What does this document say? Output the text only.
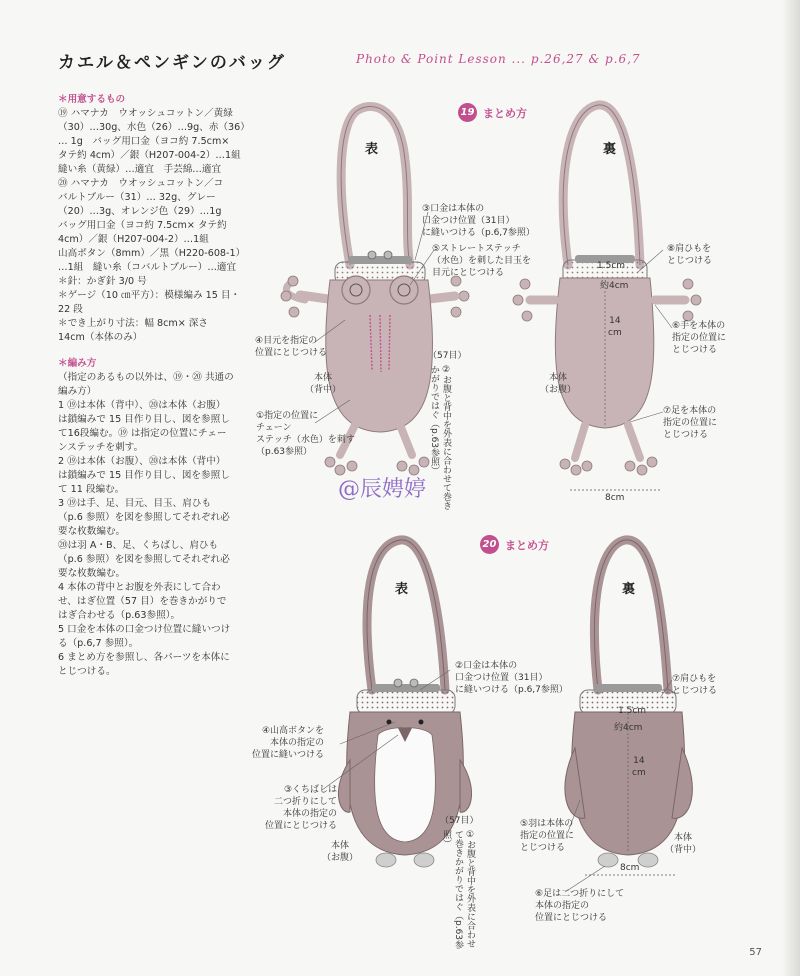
カエル＆ペンギンのバッグ	Photo & Point Lesson ... p.26,27 & p.6,7
＊用意するもの
⑲ ハマナカ　ウオッシュコットン／黄緑
（30）…30g、水色（26）…9g、赤（36）
… 1g　バッグ用口金（ヨコ約 7.5cm×
タテ約 4cm）／銀（H207-004-2）…1組
縫い糸（黄緑）…適宜　手芸綿…適宜
⑳ ハマナカ　ウオッシュコットン／コ
バルトブルー（31）… 32g、グレー
（20）…3g、オレンジ色（29）…1g
バッグ用口金（ヨコ約 7.5cm× タテ約
4cm）／銀（H207-004-2）…1組
山高ボタン（8mm）／黒（H220-608-1）
…1組　縫い糸（コバルトブルー）…適宜
＊針：かぎ針 3/0 号
＊ゲージ（10 ㎝平方）：模様編み 15 目・
22 段
＊でき上がり寸法：幅 8cm× 深さ
14cm（本体のみ）
＊編み方
（指定のあるもの以外は、⑲・⑳ 共通の
編み方）
1 ⑲は本体（背中）、⑳は本体（お腹）
は鎖編みで 15 目作り目し、図を参照し
て16段編む。⑲ は指定の位置にチェー
ンステッチを刺す。
2 ⑲は本体（お腹）、⑳は本体（背中）
は鎖編みで 15 目作り目し、図を参照し
て 11 段編む。
3 ⑲は手、足、目元、目玉、肩ひも
（p.6 参照）を図を参照してそれぞれ必
要な枚数編む。
⑳は羽 A・B、足、くちばし、肩ひも
（p.6 参照）を図を参照してそれぞれ必
要な枚数編む。
4 本体の背中とお腹を外表にして合わ
せ、はぎ位置（57 目）を巻きかがりで
はぎ合わせる（p.63参照）。
5 口金を本体の口金つけ位置に縫いつけ
る（p.6,7 参照）。
6 まとめ方を参照し、各パーツを本体に
とじつける。
19 まとめ方
表	裏
③口金は本体の
口金つけ位置（31目）
に縫いつける（p.6,7参照）
⑤ストレートステッチ
（水色）を刺した目玉を
目元にとじつける
④目元を指定の
位置にとじつける
本体
（背中）
①指定の位置に
チェーン
ステッチ（水色）を刺す
（p.63参照）
（57目）
②お腹と背中を外表に合わせて巻きかがりではぐ（p.63参照）
⑧肩ひもを
とじつける
⑥手を本体の
指定の位置に
とじつける
本体
（お腹）
⑦足を本体の
指定の位置に
とじつける
1.5cm
約4cm
14
cm
8cm
@辰娉婷
20 まとめ方
表	裏
②口金は本体の
口金つけ位置（31目）
に縫いつける（p.6,7参照）
④山高ボタンを
本体の指定の
位置に縫いつける
③くちばしは
二つ折りにして
本体の指定の
位置にとじつける
本体
（お腹）
（57目）
①お腹と背中を外表に合わせて巻きかがりではぐ（p.63参照）
⑦肩ひもを
とじつける
1.5cm
約4cm
14
cm
⑤羽は本体の
指定の位置に
とじつける
本体
（背中）
8cm
⑥足は二つ折りにして
本体の指定の
位置にとじつける
57
